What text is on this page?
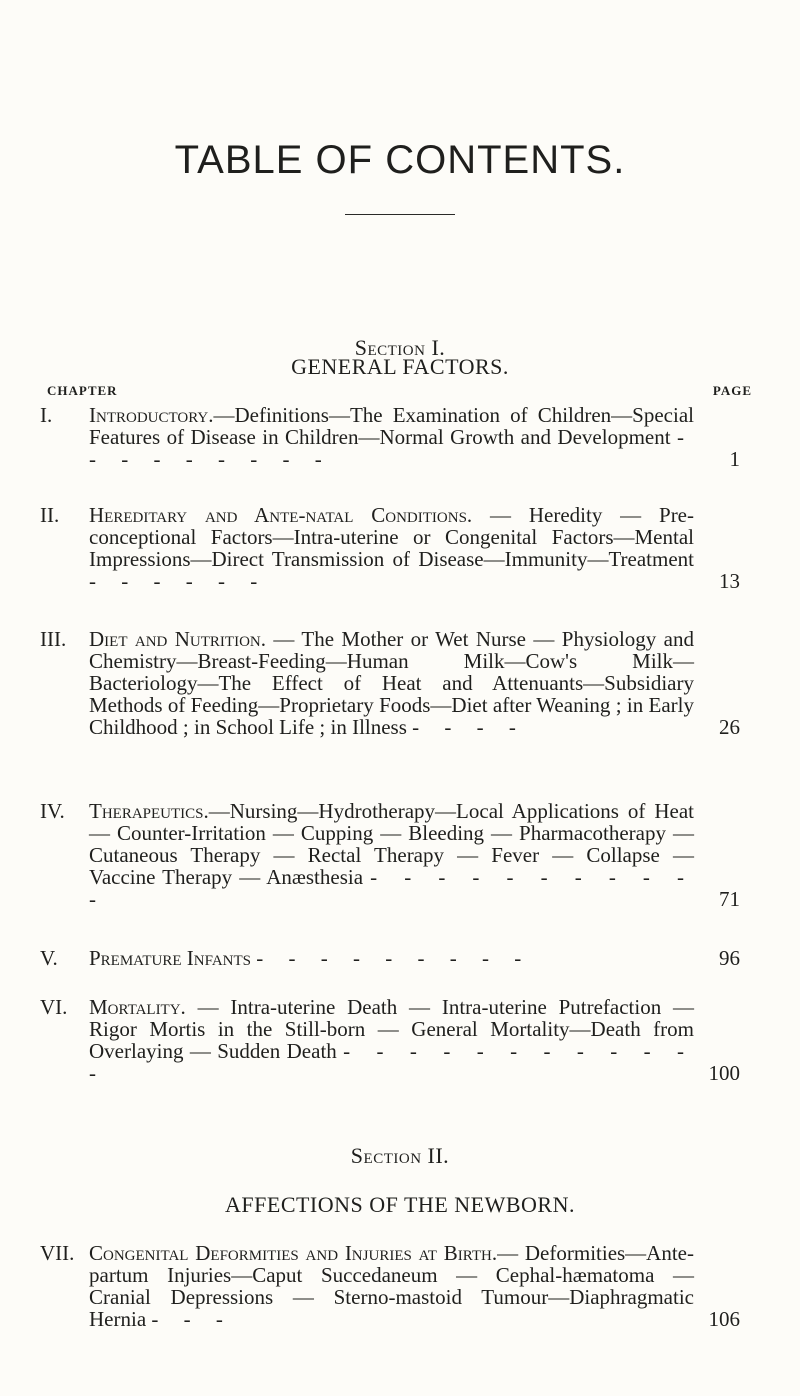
TABLE OF CONTENTS.
Section I.
GENERAL FACTORS.
CHAPTER	PAGE
I.	Introductory.—Definitions—The Examination of Children—Special Features of Disease in Children—Normal Growth and Development - - - - - - - - -	1
II.	Hereditary and Ante-natal Conditions. — Heredity — Pre-conceptional Factors—Intra-uterine or Congenital Factors—Mental Impressions—Direct Transmission of Disease—Immunity—Treatment - - - - - -	13
III.	Diet and Nutrition. — The Mother or Wet Nurse — Physiology and Chemistry—Breast-Feeding—Human Milk—Cow's Milk—Bacteriology—The Effect of Heat and Attenuants—Subsidiary Methods of Feeding—Proprietary Foods—Diet after Weaning ; in Early Childhood ; in School Life ; in Illness - - - -	26
IV.	Therapeutics.—Nursing—Hydrotherapy—Local Applications of Heat — Counter-Irritation — Cupping — Bleeding — Pharmacotherapy — Cutaneous Therapy — Rectal Therapy — Fever — Collapse — Vaccine Therapy — Anæsthesia - - - - - - - - - - -	71
V.	Premature Infants - - - - - - - - -	96
VI.	Mortality. — Intra-uterine Death — Intra-uterine Putrefaction — Rigor Mortis in the Still-born — General Mortality—Death from Overlaying — Sudden Death - - - - - - - - - - - -	100
Section II.
AFFECTIONS OF THE NEWBORN.
VII. Congenital Deformities and Injuries at Birth.— Deformities—Ante-partum Injuries—Caput Succedaneum — Cephal-hæmatoma — Cranial Depressions — Sterno-mastoid Tumour—Diaphragmatic Hernia - - -	106
